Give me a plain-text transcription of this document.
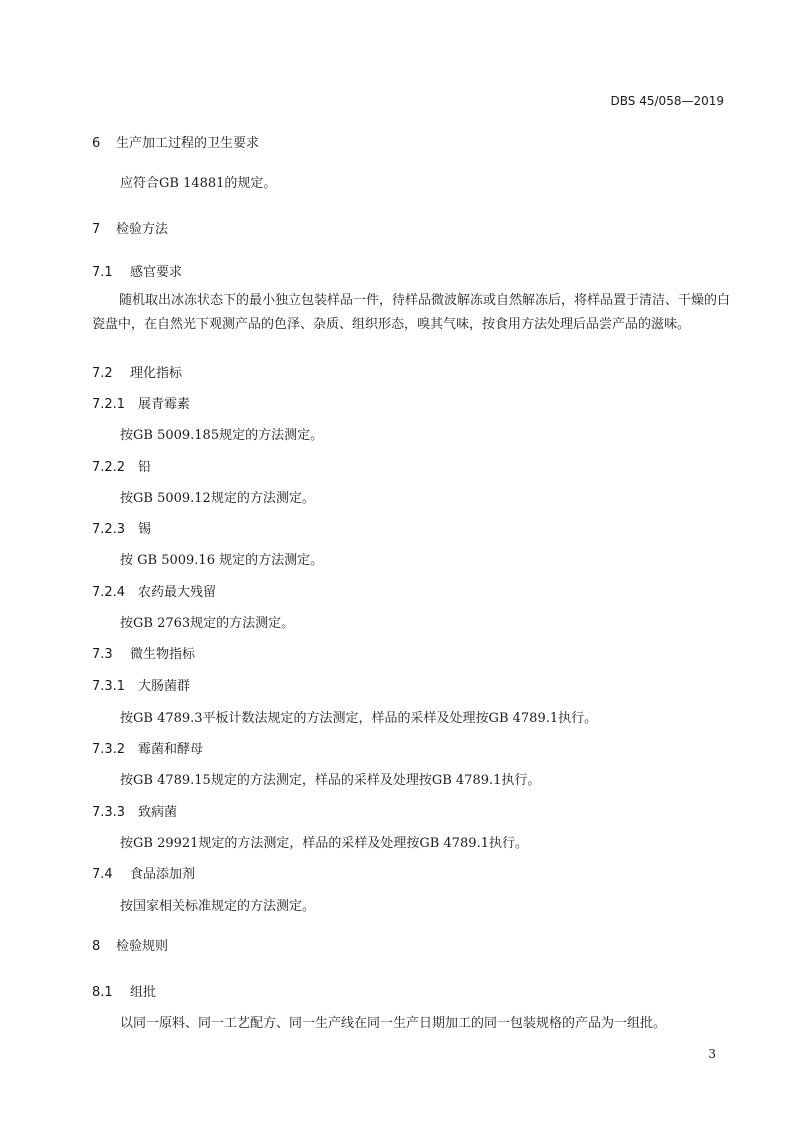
DBS 45/058—2019
6 生产加工过程的卫生要求
应符合GB 14881的规定。
7 检验方法
7.1 感官要求

随机取出冰冻状态下的最小独立包装样品一件，待样品微波解冻或自然解冻后，将样品置于清洁、干燥的白瓷盘中，在自然光下观测产品的色泽、杂质、组织形态，嗅其气味，按食用方法处理后品尝产品的滋味。

7.2 理化指标
7.2.1 展青霉素
按GB 5009.185规定的方法测定。
7.2.2 铅
按GB 5009.12规定的方法测定。
7.2.3 锡
按 GB 5009.16 规定的方法测定。
7.2.4 农药最大残留
按GB 2763规定的方法测定。
7.3 微生物指标
7.3.1 大肠菌群
按GB 4789.3平板计数法规定的方法测定，样品的采样及处理按GB 4789.1执行。
7.3.2 霉菌和酵母
按GB 4789.15规定的方法测定，样品的采样及处理按GB 4789.1执行。
7.3.3 致病菌
按GB 29921规定的方法测定，样品的采样及处理按GB 4789.1执行。
7.4 食品添加剂
按国家相关标准规定的方法测定。
8 检验规则
8.1 组批
以同一原料、同一工艺配方、同一生产线在同一生产日期加工的同一包装规格的产品为一组批。
3
